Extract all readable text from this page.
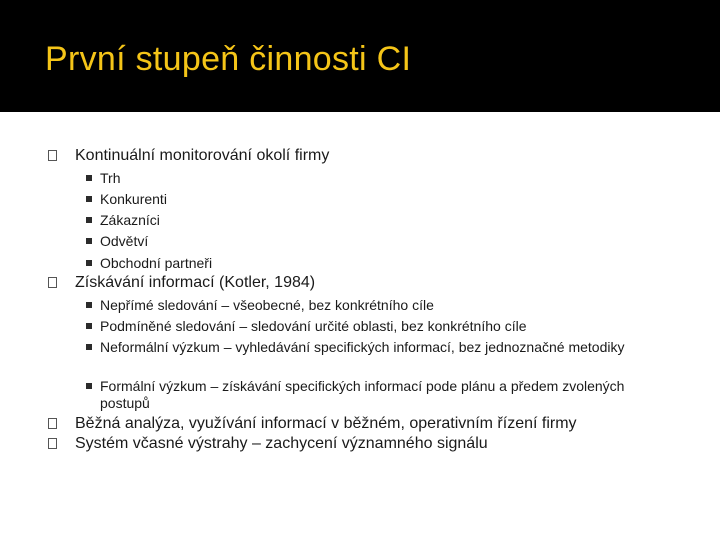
První stupeň činnosti CI
Kontinuální monitorování okolí firmy
Trh
Konkurenti
Zákazníci
Odvětví
Obchodní partneři
Získávání informací (Kotler, 1984)
Nepřímé sledování – všeobecné, bez konkrétního cíle
Podmíněné sledování – sledování určité oblasti, bez konkrétního cíle
Neformální výzkum – vyhledávání specifických informací, bez jednoznačné metodiky
Formální výzkum – získávání specifických informací pode plánu a předem zvolených postupů
Běžná analýza, využívání informací v běžném, operativním řízení firmy
Systém včasné výstrahy – zachycení významného signálu
